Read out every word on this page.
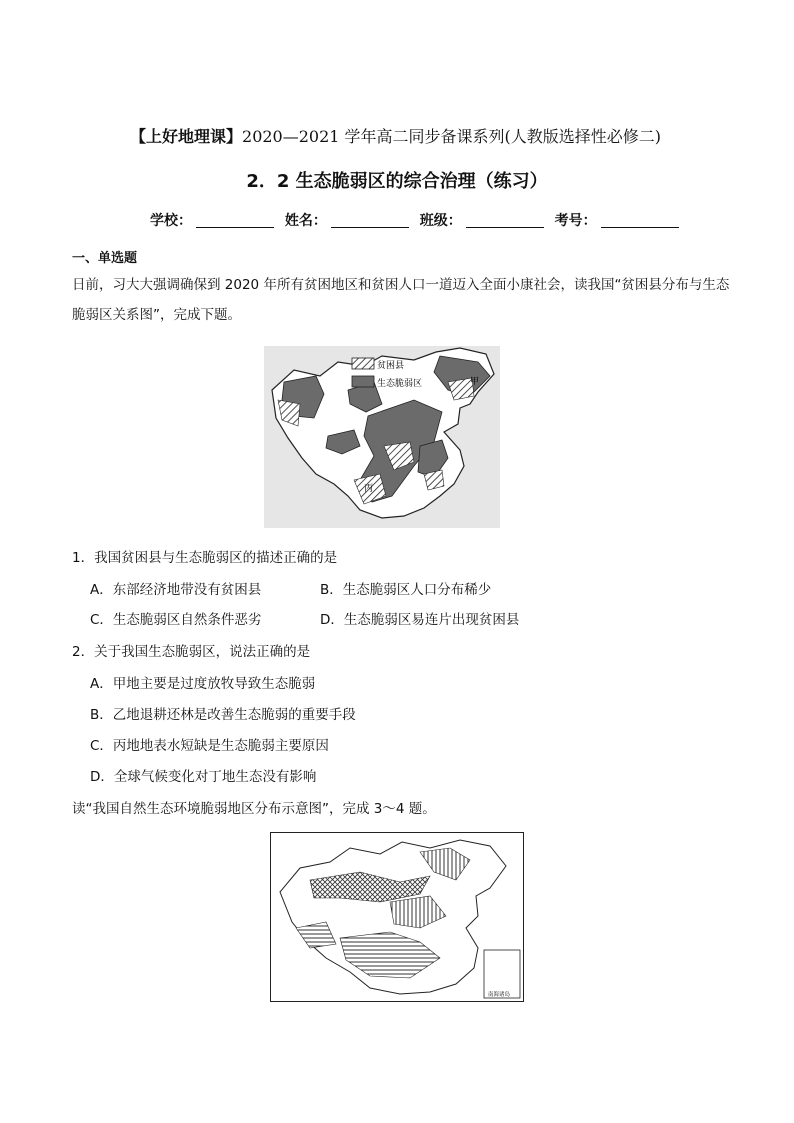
【上好地理课】2020—2021 学年高二同步备课系列(人教版选择性必修二)
2．2 生态脆弱区的综合治理（练习）
学校：	姓名：	班级：	考号：
一、单选题
日前，习大大强调确保到 2020 年所有贫困地区和贫困人口一道迈入全面小康社会，读我国“贫困县分布与生态脆弱区关系图”，完成下题。
贫困县
生态脆弱区	甲
丙
1．我国贫困县与生态脆弱区的描述正确的是
A．东部经济地带没有贫困县	B．生态脆弱区人口分布稀少
C．生态脆弱区自然条件恶劣	D．生态脆弱区易连片出现贫困县
2．关于我国生态脆弱区，说法正确的是
A．甲地主要是过度放牧导致生态脆弱
B．乙地退耕还林是改善生态脆弱的重要手段
C．丙地地表水短缺是生态脆弱主要原因
D．全球气候变化对丁地生态没有影响
读“我国自然生态环境脆弱地区分布示意图”，完成 3～4 题。
南海诸岛
